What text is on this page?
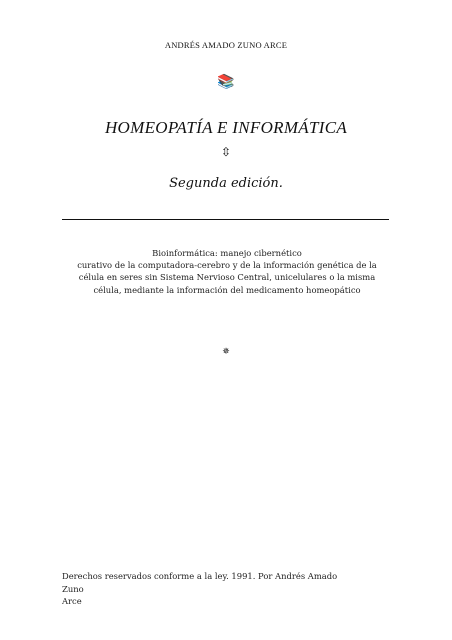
ANDRÉS AMADO ZUNO ARCE
📚
HOMEOPATÍA E INFORMÁTICA
⇳
Segunda edición.
Bioinformática: manejo cibernético
curativo de la computadora-cerebro y de la información genética de la
célula en seres sin Sistema Nervioso Central, unicelulares o la misma
célula, mediante la información del medicamento homeopático
✵
Derechos reservados conforme a la ley. 1991. Por Andrés Amado Zuno
Arce
